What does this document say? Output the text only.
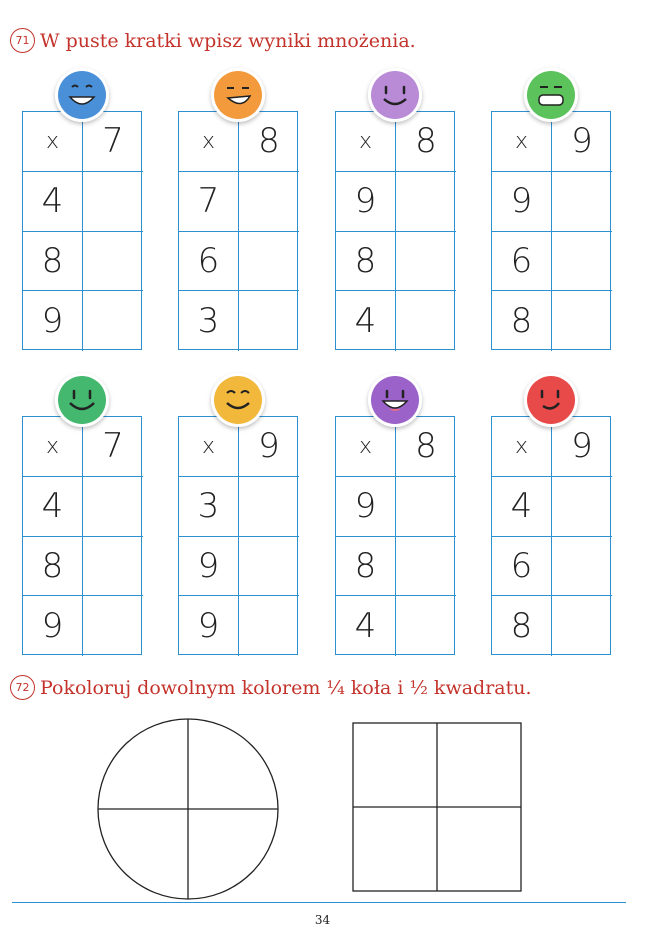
71 W puste kratki wpisz wyniki mnożenia.
x	7
4
8
9
x	8
7
6
3
x	8
9
8
4
x	9
9
6
8
x	7
4
8
9
x	9
3
9
9
x	8
9
8
4
x	9
4
6
8
72 Pokoloruj dowolnym kolorem ¼ koła i ½ kwadratu.
34
